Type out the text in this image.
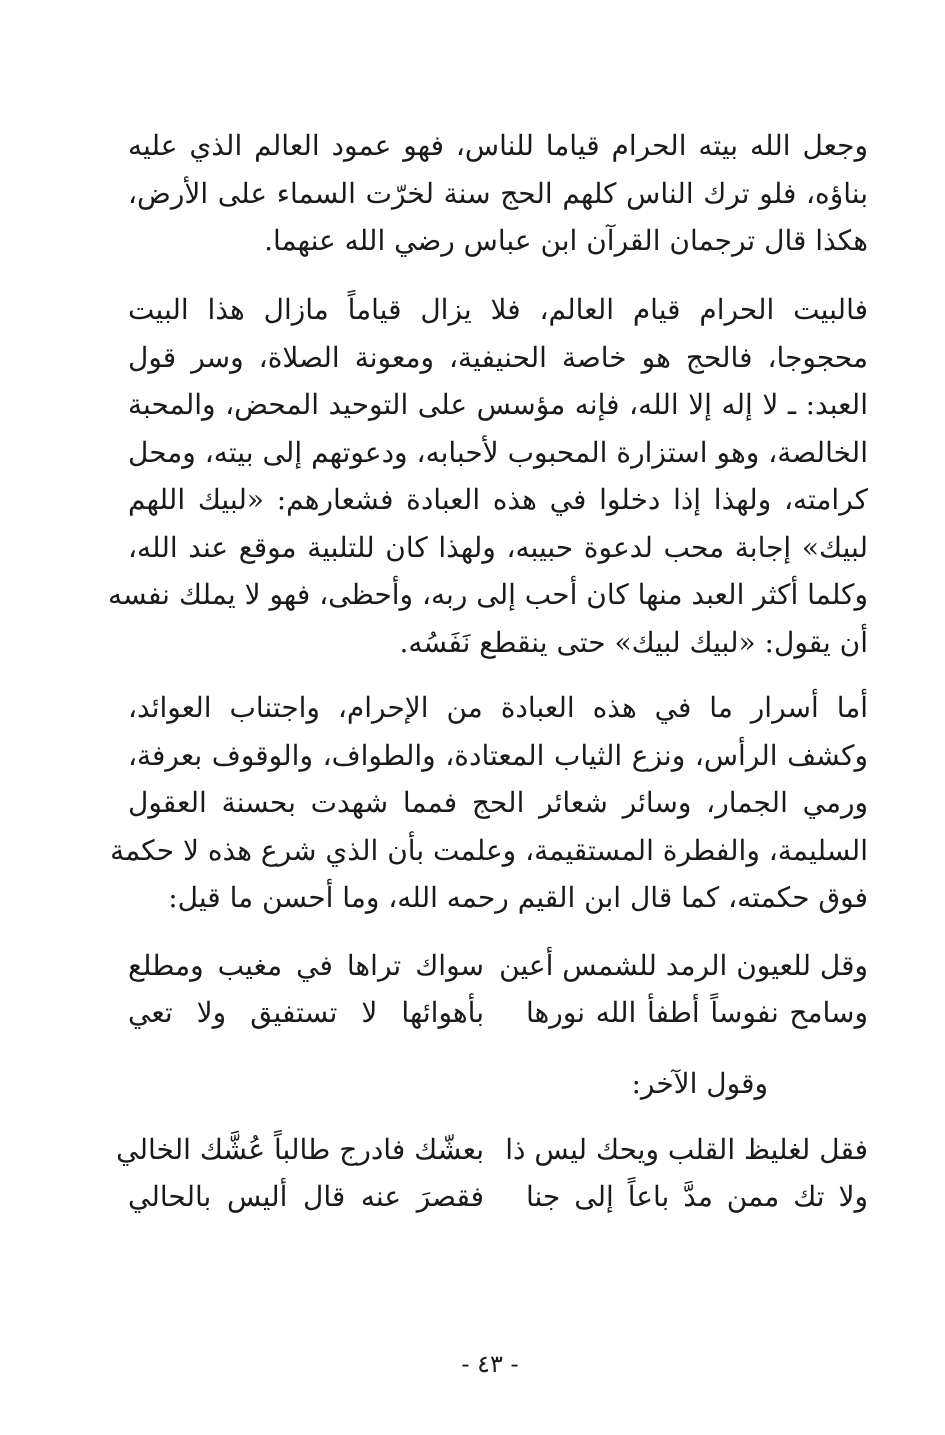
وجعل الله بيته الحرام قياما للناس، فهو عمود العالم الذي عليه
بناؤه، فلو ترك الناس كلهم الحج سنة لخرّت السماء على الأرض،
هكذا قال ترجمان القرآن ابن عباس رضي الله عنهما.
فالبيت الحرام قيام العالم، فلا يزال قياماً مازال هذا البيت
محجوجا، فالحج هو خاصة الحنيفية، ومعونة الصلاة، وسر قول
العبد: ـ لا إله إلا الله، فإنه مؤسس على التوحيد المحض، والمحبة
الخالصة، وهو استزارة المحبوب لأحبابه، ودعوتهم إلى بيته، ومحل
كرامته، ولهذا إذا دخلوا في هذه العبادة فشعارهم: «لبيك اللهم
لبيك» إجابة محب لدعوة حبيبه، ولهذا كان للتلبية موقع عند الله،
وكلما أكثر العبد منها كان أحب إلى ربه، وأحظى، فهو لا يملك نفسه
أن يقول: «لبيك لبيك» حتى ينقطع نَفَسُه.
أما أسرار ما في هذه العبادة من الإحرام، واجتناب العوائد،
وكشف الرأس، ونزع الثياب المعتادة، والطواف، والوقوف بعرفة،
ورمي الجمار، وسائر شعائر الحج فمما شهدت بحسنة العقول
السليمة، والفطرة المستقيمة، وعلمت بأن الذي شرع هذه لا حكمة
فوق حكمته، كما قال ابن القيم رحمه الله، وما أحسن ما قيل:
وقل للعيون الرمد للشمس أعين
سواك تراها في مغيب ومطلع
وسامح نفوساً أطفأ الله نورها
بأهوائها لا تستفيق ولا تعي
وقول الآخر:
فقل لغليظ القلب ويحك ليس ذا
بعشّك فادرج طالباً عُشَّك الخالي
ولا تك ممن مدَّ باعاً إلى جنا
فقصرَ عنه قال أليس بالحالي
- ٤٣ -
